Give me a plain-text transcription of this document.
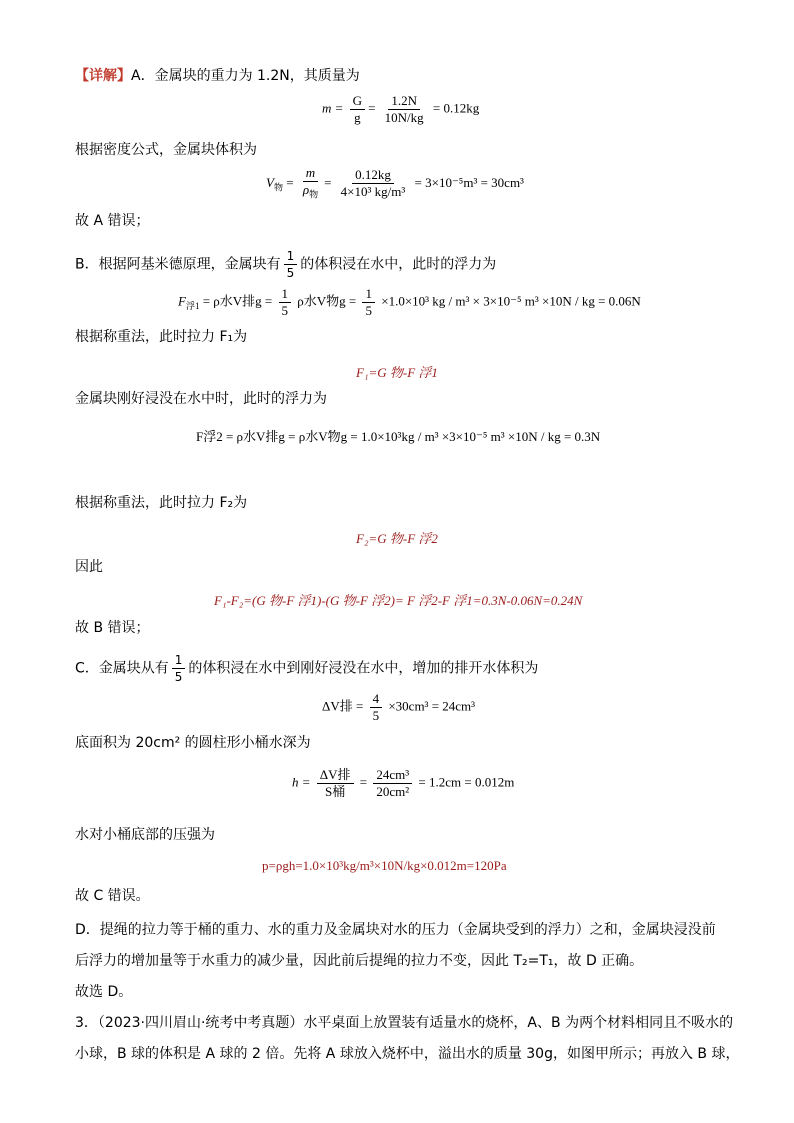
【详解】A．金属块的重力为 1.2N，其质量为
$m = \frac{G}{g} = \frac{1.2N}{10N/kg} = 0.12kg$
根据密度公式，金属块体积为
$V_物 = \frac{m}{\rho_物} = \frac{0.12kg}{\text{4×10³ kg/m³}} = 3\times 10^{-5}m^3 = 30cm^3$
故 A 错误；
B．根据阿基米德原理，金属块有 $\frac{1}{5}$ 的体积浸在水中，此时的浮力为
$F_{浮1} = \rho$水V排$g = \frac{1}{5}$ ρ水V物$g = \frac{1}{5} \times 1.0\times 10^3$ kg / m³ × 3×10⁻⁵ m³ ×10N / kg = 0.06N
根据称重法，此时拉力 F₁为
F₁=G 物-F 浮1
金属块刚好浸没在水中时，此时的浮力为
F浮2 = ρ水V排g = ρ水V物g = 1.0×10³kg / m³ ×3×10⁻⁵ m³ ×10N / kg = 0.3N
根据称重法，此时拉力 F₂为
F₂=G 物-F 浮2
因此
F₁-F₂=(G 物-F 浮1)-(G 物-F 浮2)= F 浮2-F 浮1=0.3N-0.06N=0.24N
故 B 错误；
C．金属块从有 $\frac{1}{5}$ 的体积浸在水中到刚好浸没在水中，增加的排开水体积为
ΔV排 = $\frac{4}{5} \times 30cm^3 = 24cm^3$
底面积为 20cm² 的圆柱形小桶水深为
$h = \frac{\text{ΔV排}}{\text{S桶}} = \frac{\text{24cm³}}{\text{20cm²}} = 1.2cm = 0.012m$
水对小桶底部的压强为
p=ρgh=1.0×10³kg/m³×10N/kg×0.012m=120Pa
故 C 错误。
D．提绳的拉力等于桶的重力、水的重力及金属块对水的压力（金属块受到的浮力）之和，金属块浸没前
后浮力的增加量等于水重力的减少量，因此前后提绳的拉力不变，因此 T₂=T₁，故 D 正确。
故选 D。
3．（2023·四川眉山·统考中考真题）水平桌面上放置装有适量水的烧杯，A、B 为两个材料相同且不吸水的
小球，B 球的体积是 A 球的 2 倍。先将 A 球放入烧杯中，溢出水的质量 30g，如图甲所示；再放入 B 球，
